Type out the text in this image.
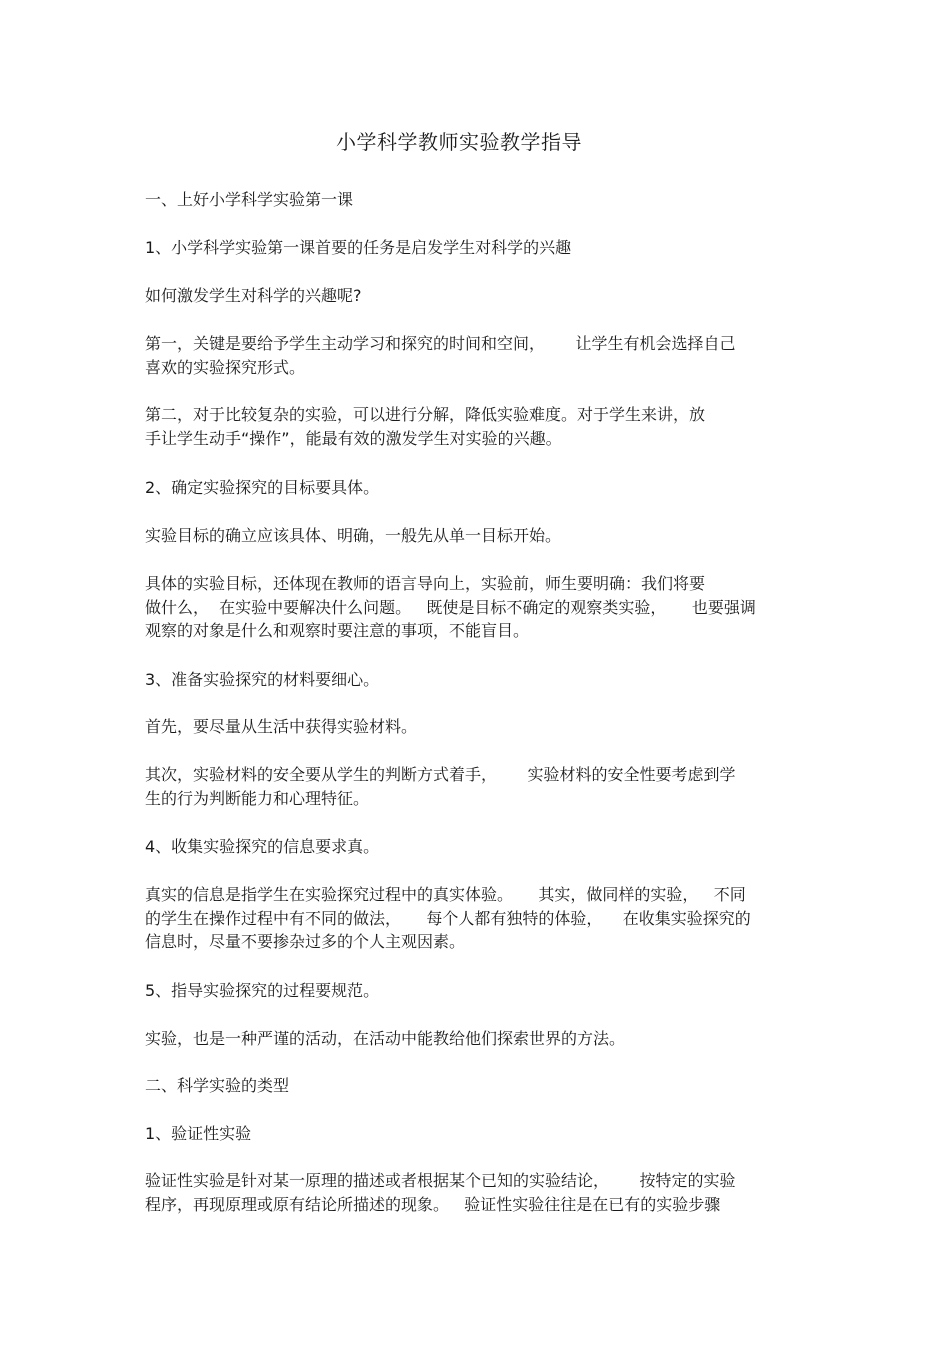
小学科学教师实验教学指导
一、上好小学科学实验第一课
1、小学科学实验第一课首要的任务是启发学生对科学的兴趣
如何激发学生对科学的兴趣呢?
第一，关键是要给予学生主动学习和探究的时间和空间，      让学生有机会选择自己
喜欢的实验探究形式。
第二，对于比较复杂的实验，可以进行分解，降低实验难度。对于学生来讲，放
手让学生动手“操作”，能最有效的激发学生对实验的兴趣。
2、确定实验探究的目标要具体。
实验目标的确立应该具体、明确，一般先从单一目标开始。
具体的实验目标，还体现在教师的语言导向上，实验前，师生要明确：我们将要
做什么，  在实验中要解决什么问题。   既使是目标不确定的观察类实验，     也要强调
观察的对象是什么和观察时要注意的事项，不能盲目。
3、准备实验探究的材料要细心。
首先，要尽量从生活中获得实验材料。
其次，实验材料的安全要从学生的判断方式着手，      实验材料的安全性要考虑到学
生的行为判断能力和心理特征。
4、收集实验探究的信息要求真。
真实的信息是指学生在实验探究过程中的真实体验。     其实，做同样的实验，   不同
的学生在操作过程中有不同的做法，     每个人都有独特的体验，    在收集实验探究的
信息时，尽量不要掺杂过多的个人主观因素。
5、指导实验探究的过程要规范。
实验，也是一种严谨的活动，在活动中能教给他们探索世界的方法。
二、科学实验的类型
1、验证性实验
验证性实验是针对某一原理的描述或者根据某个已知的实验结论，      按特定的实验
程序，再现原理或原有结论所描述的现象。   验证性实验往往是在已有的实验步骤
